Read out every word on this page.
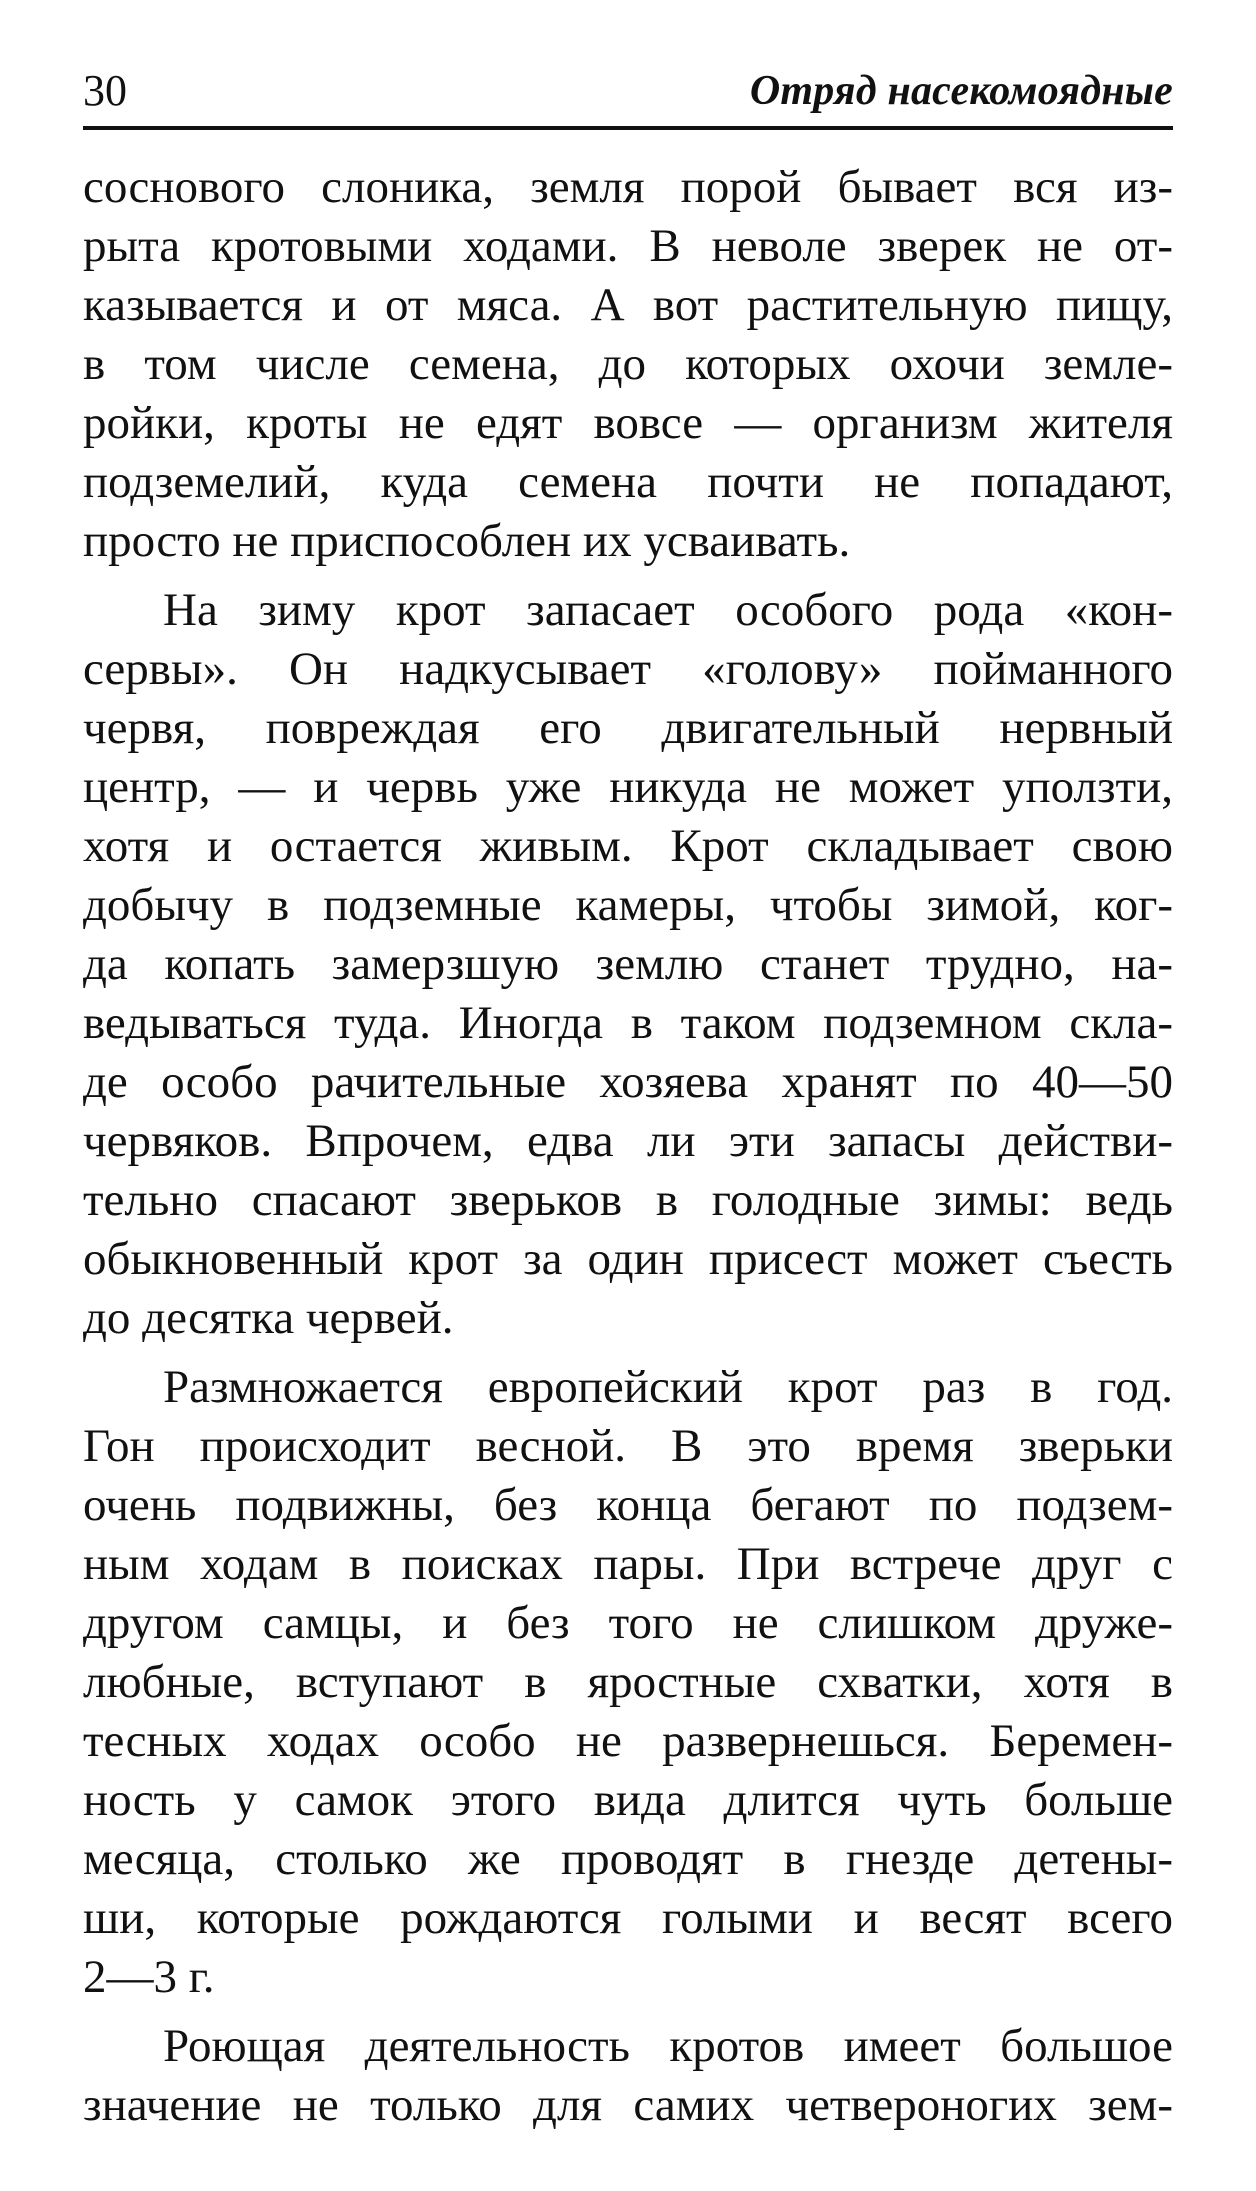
30	Отряд насекомоядные

соснового слоника, земля порой бывает вся из-
рыта кротовыми ходами. В неволе зверек не от-
казывается и от мяса. А вот растительную пищу,
в том числе семена, до которых охочи земле-
ройки, кроты не едят вовсе — организм жителя
подземелий, куда семена почти не попадают,
просто не приспособлен их усваивать.

На зиму крот запасает особого рода «кон-
сервы». Он надкусывает «голову» пойманного
червя, повреждая его двигательный нервный
центр, — и червь уже никуда не может уползти,
хотя и остается живым. Крот складывает свою
добычу в подземные камеры, чтобы зимой, ког-
да копать замерзшую землю станет трудно, на-
ведываться туда. Иногда в таком подземном скла-
де особо рачительные хозяева хранят по 40—50
червяков. Впрочем, едва ли эти запасы действи-
тельно спасают зверьков в голодные зимы: ведь
обыкновенный крот за один присест может съесть
до десятка червей.

Размножается европейский крот раз в год.
Гон происходит весной. В это время зверьки
очень подвижны, без конца бегают по подзем-
ным ходам в поисках пары. При встрече друг с
другом самцы, и без того не слишком друже-
любные, вступают в яростные схватки, хотя в
тесных ходах особо не развернешься. Беремен-
ность у самок этого вида длится чуть больше
месяца, столько же проводят в гнезде детены-
ши, которые рождаются голыми и весят всего
2—3 г.

Роющая деятельность кротов имеет большое
значение не только для самих четвероногих зем-
